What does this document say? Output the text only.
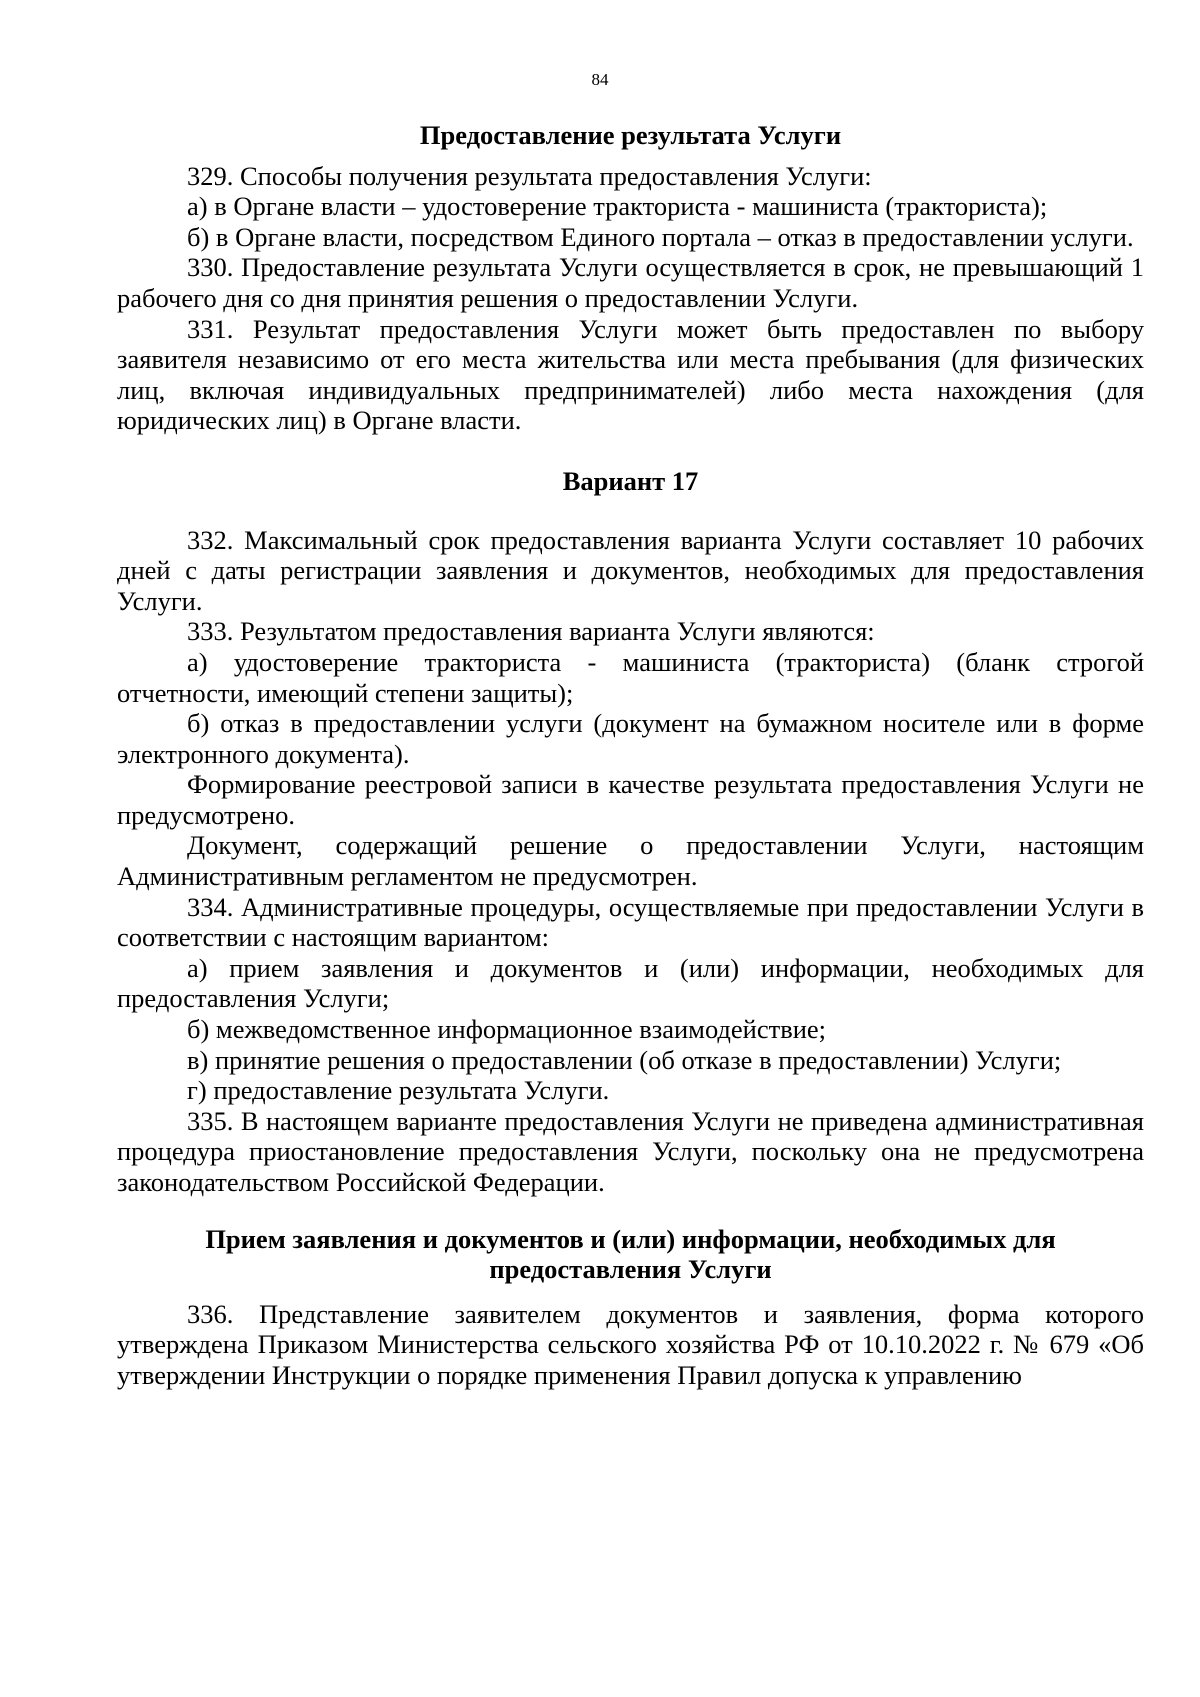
84
Предоставление результата Услуги

329. Способы получения результата предоставления Услуги:

а) в Органе власти – удостоверение тракториста - машиниста (тракториста);

б) в Органе власти, посредством Единого портала – отказ в предоставлении услуги.

330. Предоставление результата Услуги осуществляется в срок, не превышающий 1 рабочего дня со дня принятия решения о предоставлении Услуги.

331. Результат предоставления Услуги может быть предоставлен по выбору заявителя независимо от его места жительства или места пребывания (для физических лиц, включая индивидуальных предпринимателей) либо места нахождения (для юридических лиц) в Органе власти.

Вариант 17

332. Максимальный срок предоставления варианта Услуги составляет 10 рабочих дней с даты регистрации заявления и документов, необходимых для предоставления Услуги.

333. Результатом предоставления варианта Услуги являются:

а) удостоверение тракториста - машиниста (тракториста) (бланк строгой отчетности, имеющий степени защиты);

б) отказ в предоставлении услуги (документ на бумажном носителе или в форме электронного документа).

Формирование реестровой записи в качестве результата предоставления Услуги не предусмотрено.

Документ, содержащий решение о предоставлении Услуги, настоящим Административным регламентом не предусмотрен.

334. Административные процедуры, осуществляемые при предоставлении Услуги в соответствии с настоящим вариантом:

а) прием заявления и документов и (или) информации, необходимых для предоставления Услуги;

б) межведомственное информационное взаимодействие;

в) принятие решения о предоставлении (об отказе в предоставлении) Услуги;

г) предоставление результата Услуги.

335. В настоящем варианте предоставления Услуги не приведена административная процедура приостановление предоставления Услуги, поскольку она не предусмотрена законодательством Российской Федерации.

Прием заявления и документов и (или) информации, необходимых для предоставления Услуги

336. Представление заявителем документов и заявления, форма которого утверждена Приказом Министерства сельского хозяйства РФ от 10.10.2022 г. № 679 «Об утверждении Инструкции о порядке применения Правил допуска к управлению
